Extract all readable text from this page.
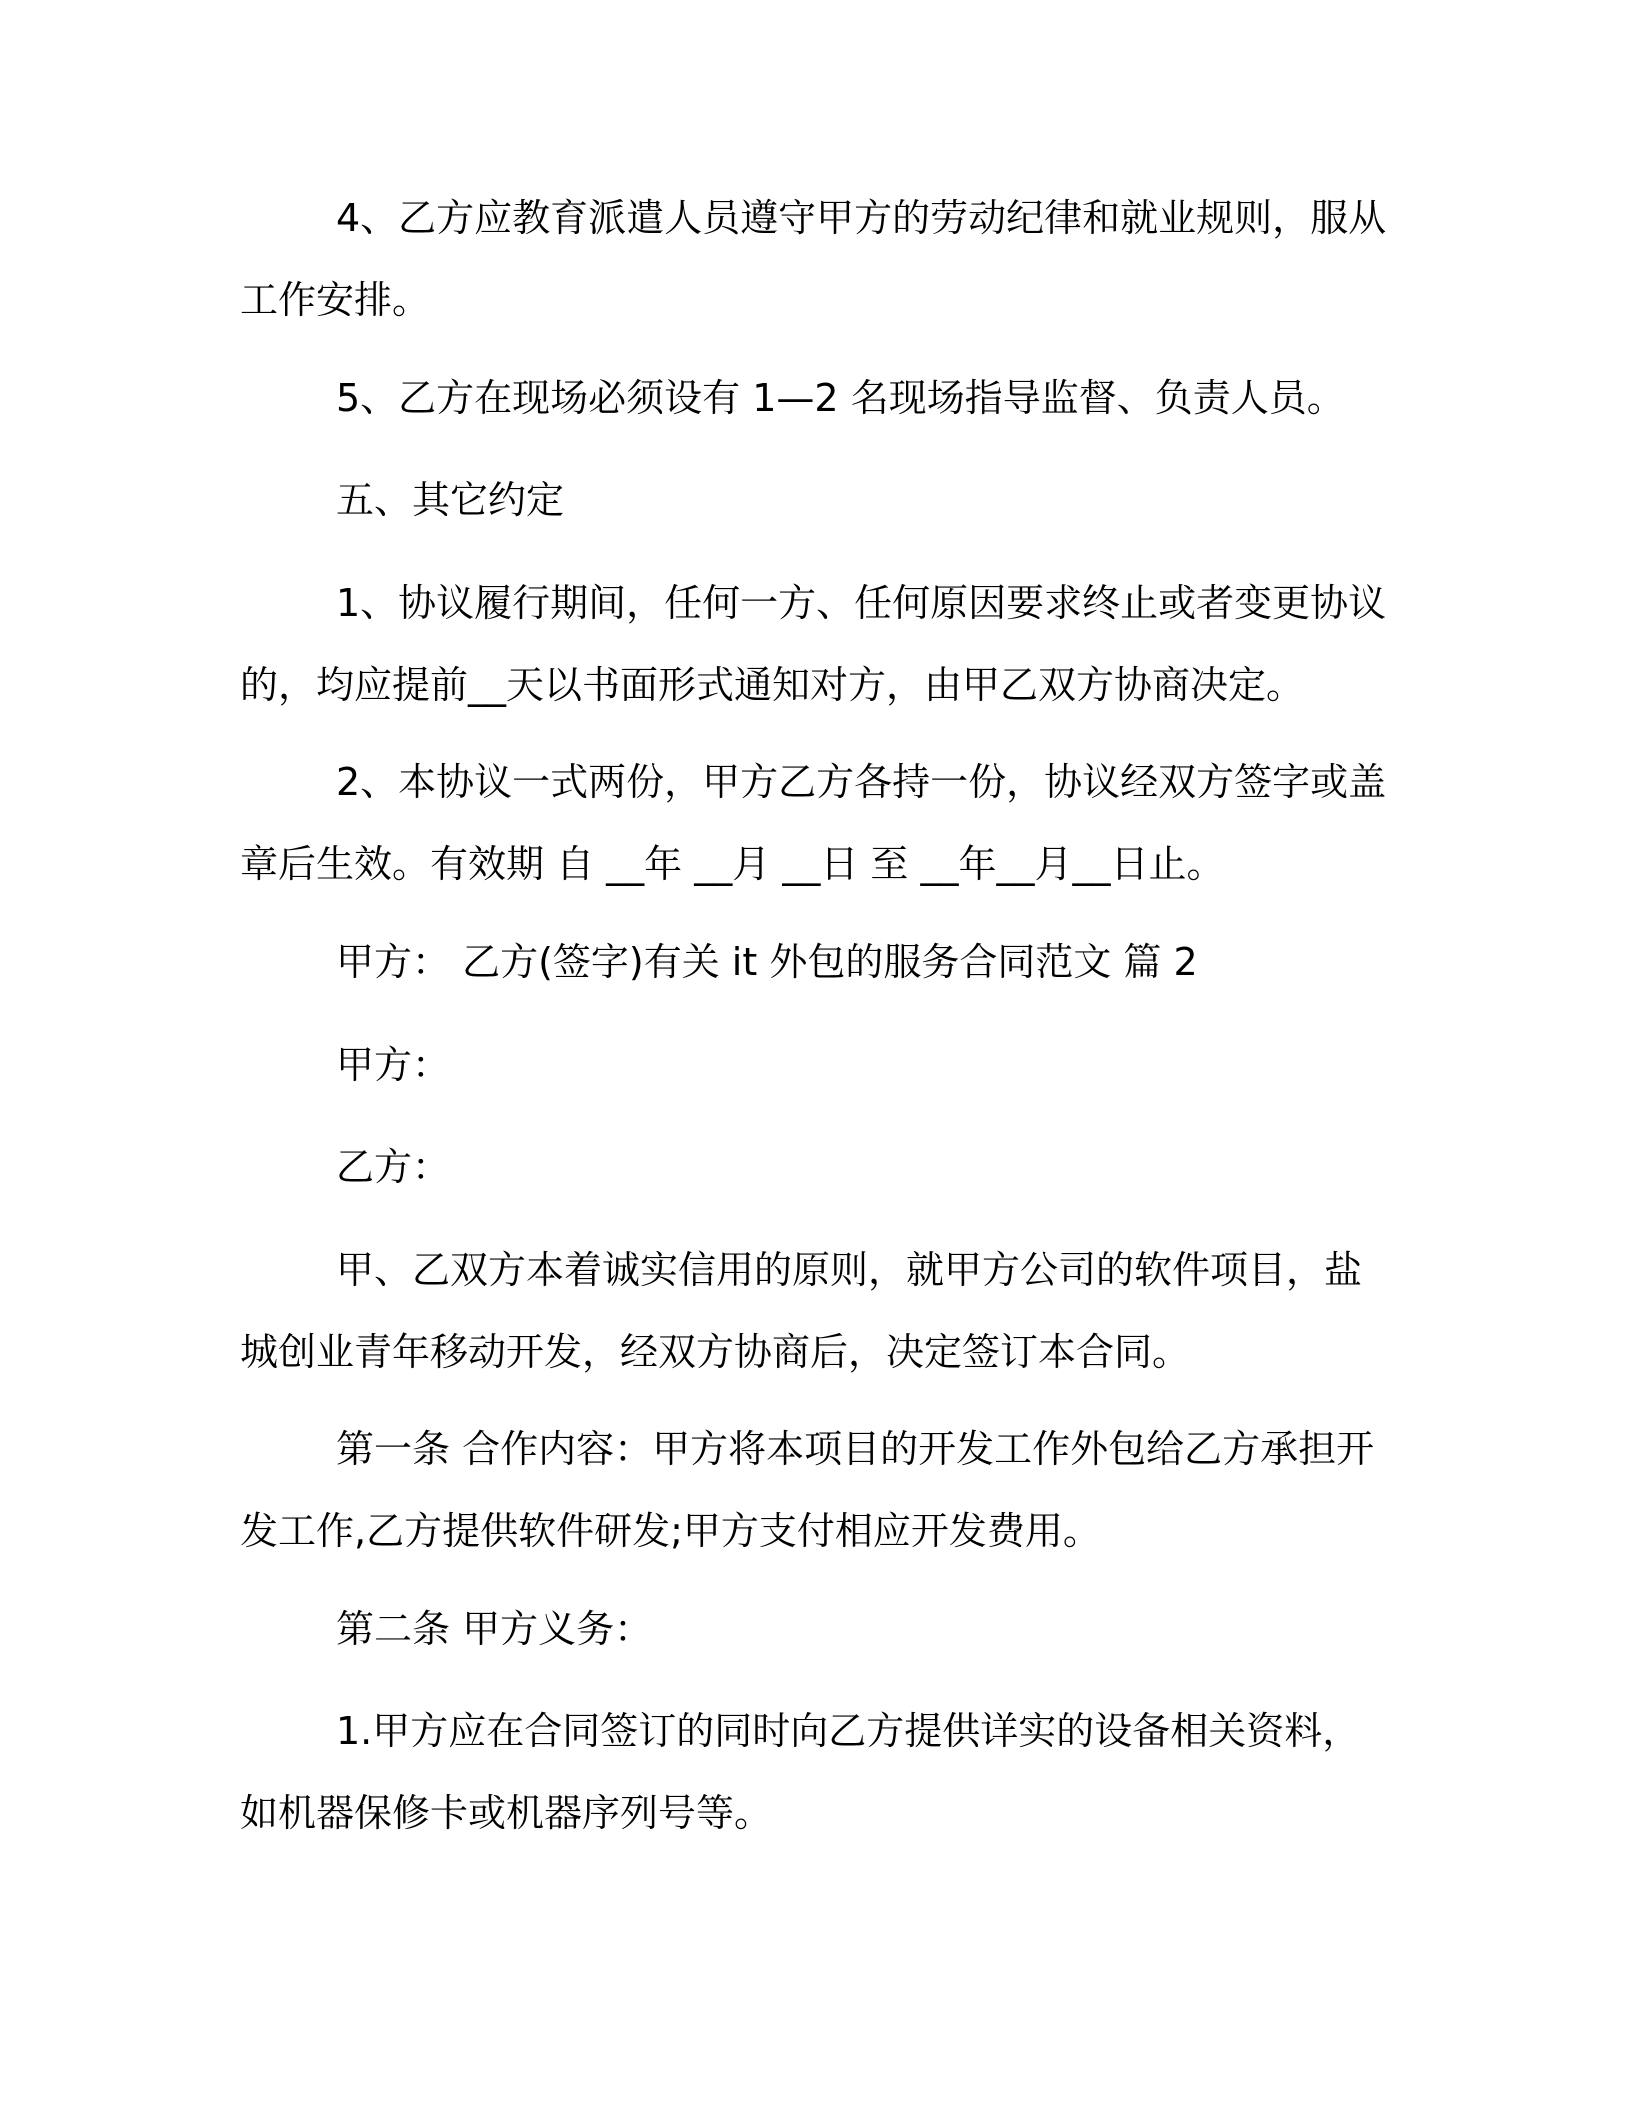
4、乙方应教育派遣人员遵守甲方的劳动纪律和就业规则，服从工作安排。

5、乙方在现场必须设有 1—2 名现场指导监督、负责人员。

五、其它约定

1、协议履行期间，任何一方、任何原因要求终止或者变更协议的，均应提前__天以书面形式通知对方，由甲乙双方协商决定。

2、本协议一式两份，甲方乙方各持一份，协议经双方签字或盖章后生效。有效期 自 __年 __月 __日 至 __年__月__日止。

甲方： 乙方(签字)有关 it 外包的服务合同范文 篇 2

甲方：

乙方：

甲、乙双方本着诚实信用的原则，就甲方公司的软件项目，盐城创业青年移动开发，经双方协商后，决定签订本合同。

第一条 合作内容：甲方将本项目的开发工作外包给乙方承担开发工作,乙方提供软件研发;甲方支付相应开发费用。

第二条 甲方义务：

1.甲方应在合同签订的同时向乙方提供详实的设备相关资料，如机器保修卡或机器序列号等。
